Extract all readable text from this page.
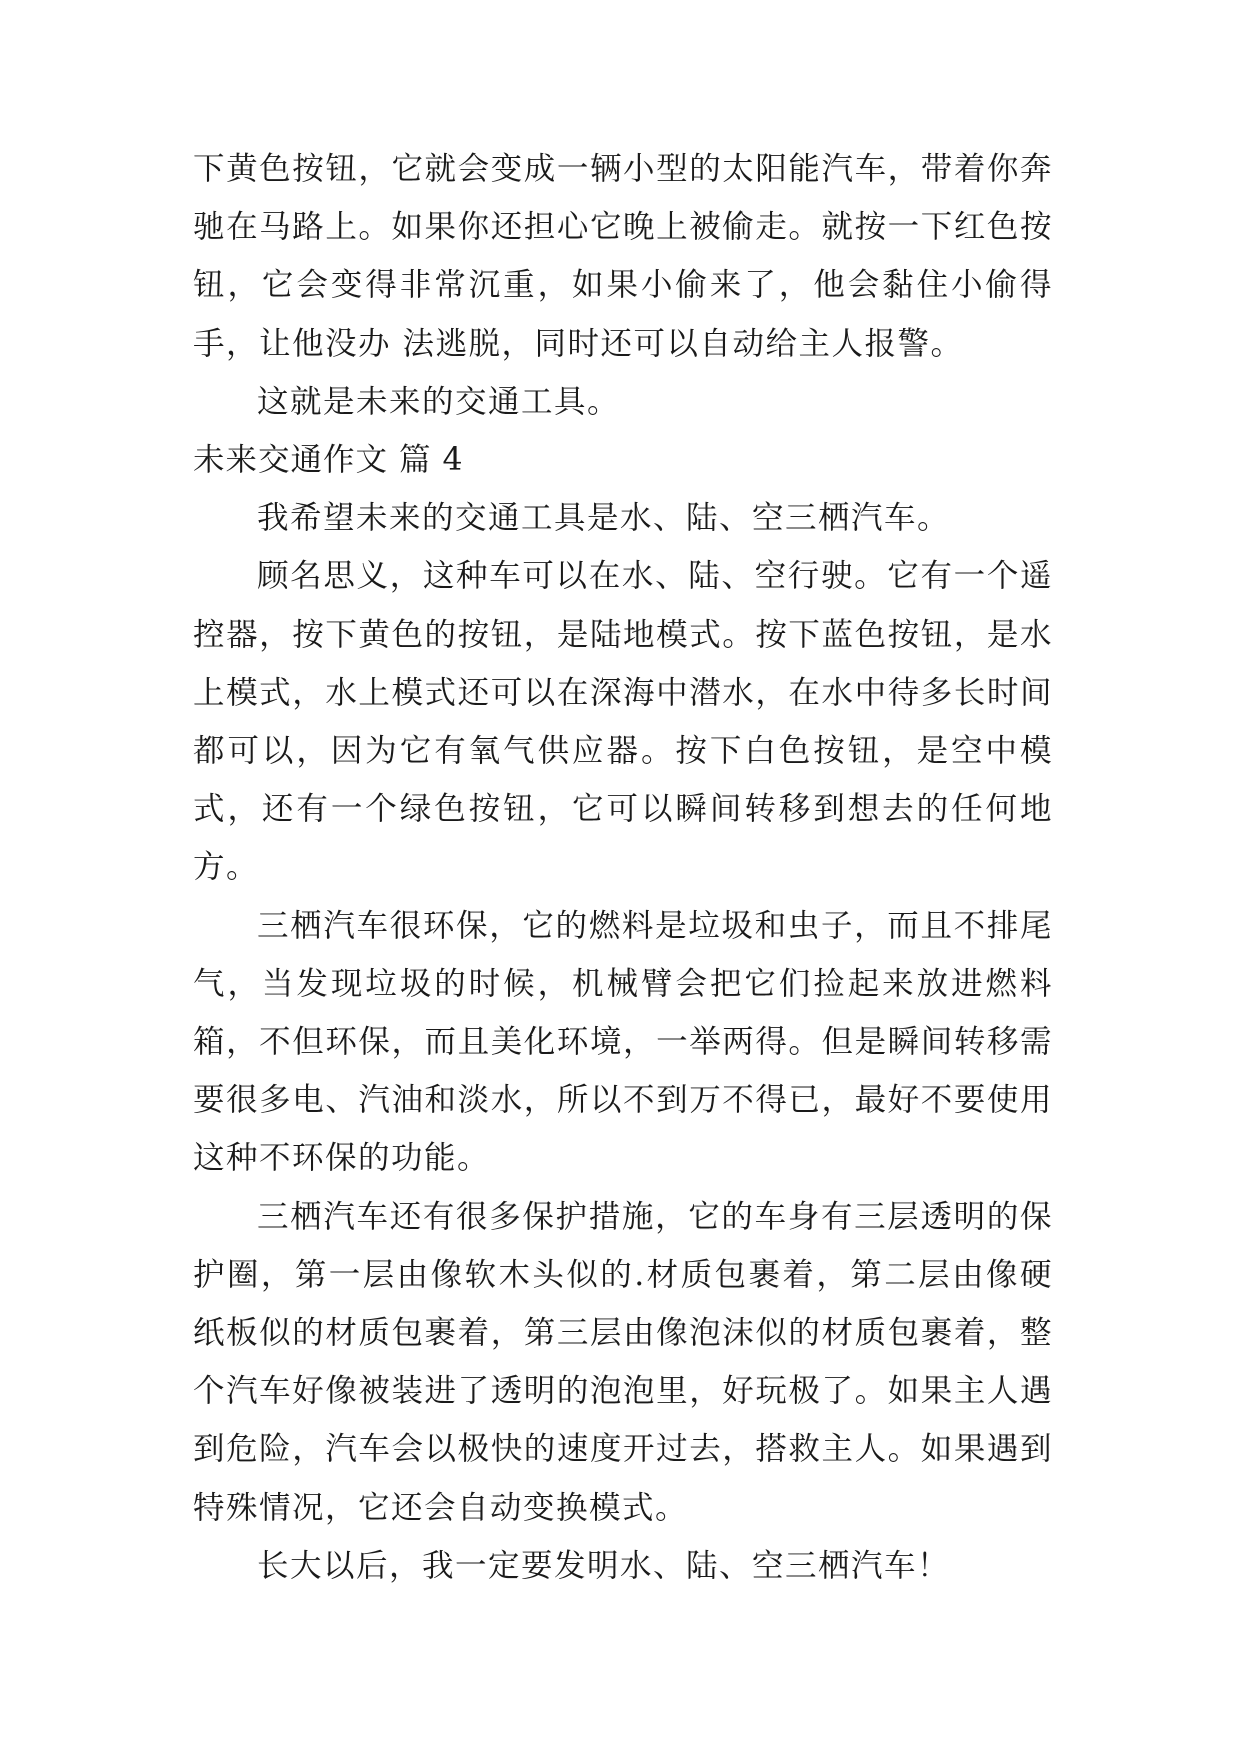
下黄色按钮，它就会变成一辆小型的太阳能汽车，带着你奔驰在马路上。如果你还担心它晚上被偷走。就按一下红色按钮，它会变得非常沉重，如果小偷来了，他会黏住小偷得手，让他没办 法逃脱，同时还可以自动给主人报警。

这就是未来的交通工具。

未来交通作文 篇 4

我希望未来的交通工具是水、陆、空三栖汽车。

顾名思义，这种车可以在水、陆、空行驶。它有一个遥控器，按下黄色的按钮，是陆地模式。按下蓝色按钮，是水上模式，水上模式还可以在深海中潜水，在水中待多长时间都可以，因为它有氧气供应器。按下白色按钮，是空中模式，还有一个绿色按钮，它可以瞬间转移到想去的任何地方。

三栖汽车很环保，它的燃料是垃圾和虫子，而且不排尾气，当发现垃圾的时候，机械臂会把它们捡起来放进燃料箱，不但环保，而且美化环境，一举两得。但是瞬间转移需要很多电、汽油和淡水，所以不到万不得已，最好不要使用这种不环保的功能。

三栖汽车还有很多保护措施，它的车身有三层透明的保护圈，第一层由像软木头似的.材质包裹着，第二层由像硬纸板似的材质包裹着，第三层由像泡沫似的材质包裹着，整个汽车好像被装进了透明的泡泡里，好玩极了。如果主人遇到危险，汽车会以极快的速度开过去，搭救主人。如果遇到特殊情况，它还会自动变换模式。

长大以后，我一定要发明水、陆、空三栖汽车！
